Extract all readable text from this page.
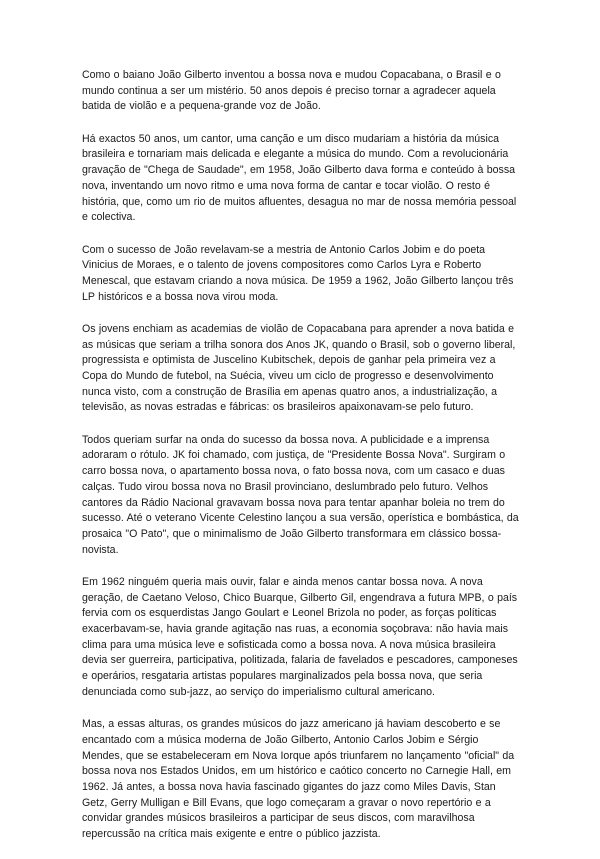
Como o baiano João Gilberto inventou a bossa nova e mudou Copacabana, o Brasil e o mundo continua a ser um mistério. 50 anos depois é preciso tornar a agradecer aquela batida de violão e a pequena-grande voz de João.

Há exactos 50 anos, um cantor, uma canção e um disco mudariam a história da música brasileira e tornariam mais delicada e elegante a música do mundo. Com a revolucionária gravação de "Chega de Saudade", em 1958, João Gilberto dava forma e conteúdo à bossa nova, inventando um novo ritmo e uma nova forma de cantar e tocar violão. O resto é história, que, como um rio de muitos afluentes, desagua no mar de nossa memória pessoal e colectiva.

Com o sucesso de João revelavam-se a mestria de Antonio Carlos Jobim e do poeta Vinicius de Moraes, e o talento de jovens compositores como Carlos Lyra e Roberto Menescal, que estavam criando a nova música. De 1959 a 1962, João Gilberto lançou três LP históricos e a bossa nova virou moda.

Os jovens enchiam as academias de violão de Copacabana para aprender a nova batida e as músicas que seriam a trilha sonora dos Anos JK, quando o Brasil, sob o governo liberal, progressista e optimista de Juscelino Kubitschek, depois de ganhar pela primeira vez a Copa do Mundo de futebol, na Suécia, viveu um ciclo de progresso e desenvolvimento nunca visto, com a construção de Brasília em apenas quatro anos, a industrialização, a televisão, as novas estradas e fábricas: os brasileiros apaixonavam-se pelo futuro.

Todos queriam surfar na onda do sucesso da bossa nova. A publicidade e a imprensa adoraram o rótulo. JK foi chamado, com justiça, de "Presidente Bossa Nova". Surgiram o carro bossa nova, o apartamento bossa nova, o fato bossa nova, com um casaco e duas calças. Tudo virou bossa nova no Brasil provinciano, deslumbrado pelo futuro. Velhos cantores da Rádio Nacional gravavam bossa nova para tentar apanhar boleia no trem do sucesso. Até o veterano Vicente Celestino lançou a sua versão, operística e bombástica, da prosaica "O Pato", que o minimalismo de João Gilberto transformara em clássico bossa-novista.

Em 1962 ninguém queria mais ouvir, falar e ainda menos cantar bossa nova. A nova geração, de Caetano Veloso, Chico Buarque, Gilberto Gil, engendrava a futura MPB, o país fervia com os esquerdistas Jango Goulart e Leonel Brizola no poder, as forças políticas exacerbavam-se, havia grande agitação nas ruas, a economia soçobrava: não havia mais clima para uma música leve e sofisticada como a bossa nova. A nova música brasileira devia ser guerreira, participativa, politizada, falaria de favelados e pescadores, camponeses e operários, resgataria artistas populares marginalizados pela bossa nova, que seria denunciada como sub-jazz, ao serviço do imperialismo cultural americano.

Mas, a essas alturas, os grandes músicos do jazz americano já haviam descoberto e se encantado com a música moderna de João Gilberto, Antonio Carlos Jobim e Sérgio Mendes, que se estabeleceram em Nova Iorque após triunfarem no lançamento "oficial" da bossa nova nos Estados Unidos, em um histórico e caótico concerto no Carnegie Hall, em 1962. Já antes, a bossa nova havia fascinado gigantes do jazz como Miles Davis, Stan Getz, Gerry Mulligan e Bill Evans, que logo começaram a gravar o novo repertório e a convidar grandes músicos brasileiros a participar de seus discos, com maravilhosa repercussão na crítica mais exigente e entre o público jazzista.
